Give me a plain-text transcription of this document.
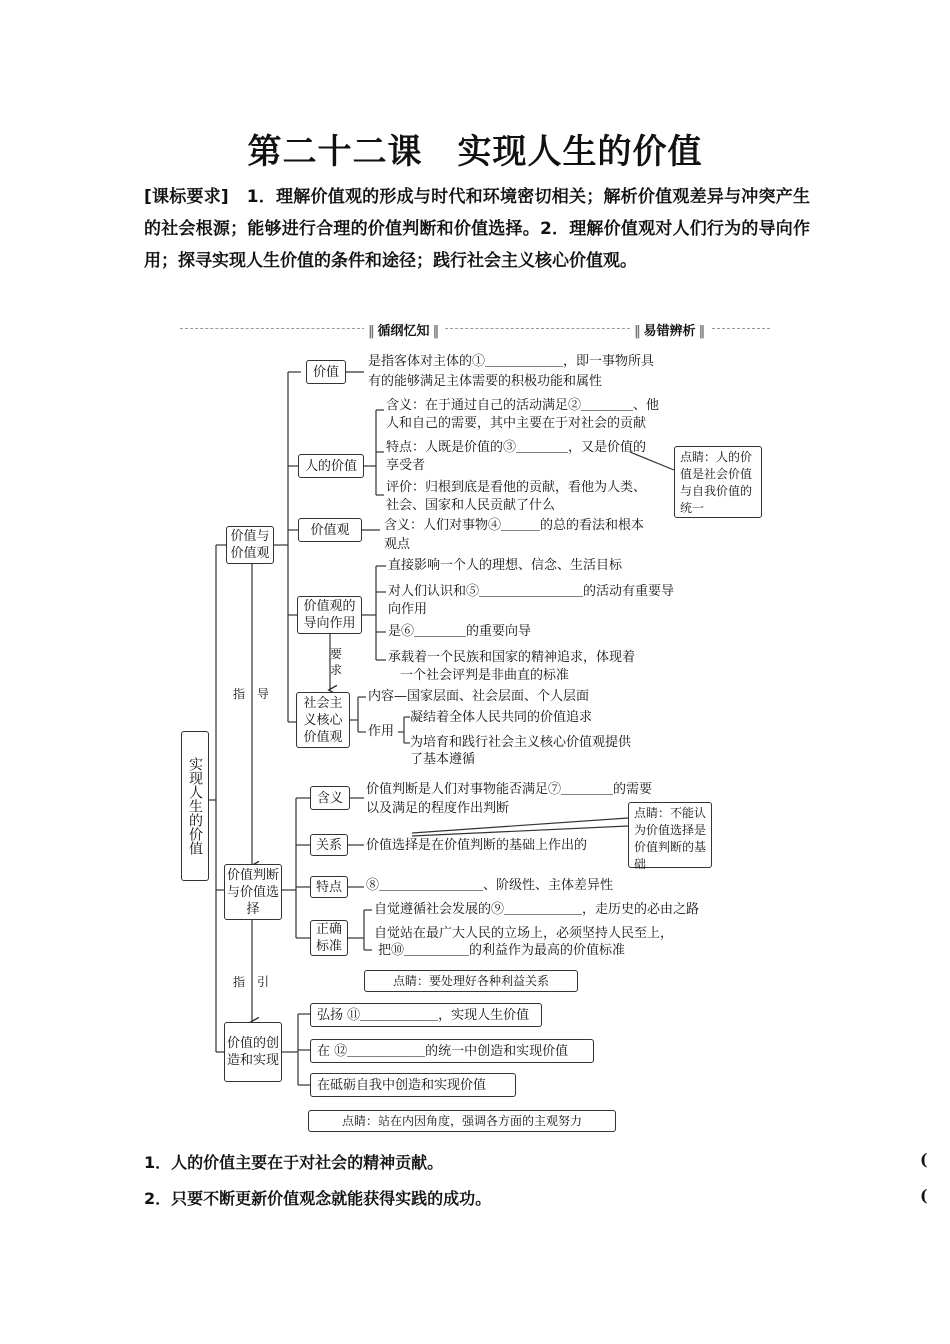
第二十二课　实现人生的价值
[课标要求] 1．理解价值观的形成与时代和环境密切相关；解析价值观差异与冲突产生的社会根源；能够进行合理的价值判断和价值选择。2．理解价值观对人们行为的导向作用；探寻实现人生价值的条件和途径；践行社会主义核心价值观。
‖ 循纲忆知 ‖
‖	易错辨析 ‖
实现人生的价值
价值与价值观
价值判断与价值选择
价值的创造和实现
指　导
指　引
要求
价值
是指客体对主体的①＿＿＿＿＿＿，即一事物所具
有的能够满足主体需要的积极功能和属性
人的价值
含义：在于通过自己的活动满足②＿＿＿＿、他
人和自己的需要，其中主要在于对社会的贡献
特点：人既是价值的③＿＿＿＿，又是价值的
享受者
评价：归根到底是看他的贡献，看他为人类、
社会、国家和人民贡献了什么
点睛：人的价值是社会价值与自我价值的统一
价值观	含义：人们对事物④＿＿＿的总的看法和根本
观点
价值观的导向作用
直接影响一个人的理想、信念、生活目标
对人们认识和⑤＿＿＿＿＿＿＿＿的活动有重要导
向作用
是⑥＿＿＿＿的重要向导
承载着一个民族和国家的精神追求，体现着
一个社会评判是非曲直的标准
社会主义核心价值观
内容—国家层面、社会层面、个人层面
作用
凝结着全体人民共同的价值追求
为培育和践行社会主义核心价值观提供
了基本遵循
含义
价值判断是人们对事物能否满足⑦＿＿＿＿的需要
以及满足的程度作出判断
关系	价值选择是在价值判断的基础上作出的
点睛：不能认为价值选择是价值判断的基础
特点	⑧＿＿＿＿＿＿＿＿、阶级性、主体差异性
正确标准
自觉遵循社会发展的⑨＿＿＿＿＿＿，走历史的必由之路
自觉站在最广大人民的立场上，必须坚持人民至上，
把⑩＿＿＿＿＿的利益作为最高的价值标准
点睛：要处理好各种利益关系
弘扬 ⑪＿＿＿＿＿＿，实现人生价值
在 ⑫＿＿＿＿＿＿的统一中创造和实现价值
在砥砺自我中创造和实现价值
点睛：站在内因角度，强调各方面的主观努力
1．人的价值主要在于对社会的精神贡献。	(
2．只要不断更新价值观念就能获得实践的成功。	(
